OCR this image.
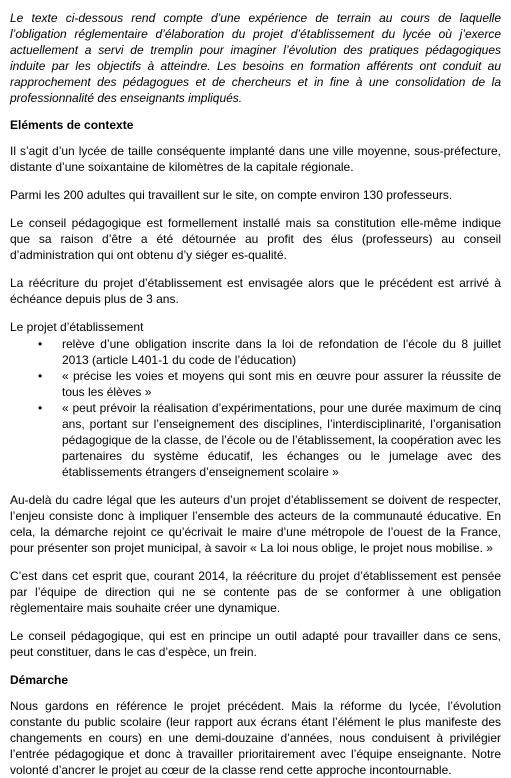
Le texte ci-dessous rend compte d’une expérience de terrain au cours de laquelle l’obligation réglementaire d’élaboration du projet d’établissement du lycée où j’exerce actuellement a servi de tremplin pour imaginer l’évolution des pratiques pédagogiques induite par les objectifs à atteindre. Les besoins en formation afférents ont conduit au rapprochement des pédagogues et de chercheurs et in fine à une consolidation de la professionnalité des enseignants impliqués.

Eléments de contexte

Il s’agit d’un lycée de taille conséquente implanté dans une ville moyenne, sous-préfecture, distante d’une soixantaine de kilomètres de la capitale régionale.

Parmi les 200 adultes qui travaillent sur le site, on compte environ 130 professeurs.

Le conseil pédagogique est formellement installé mais sa constitution elle-même indique que sa raison d’être a été détournée au profit des élus (professeurs) au conseil d’administration qui ont obtenu d’y siéger es-qualité.

La réécriture du projet d’établissement est envisagée alors que le précédent est arrivé à échéance depuis plus de 3 ans.

Le projet d’établissement

• relève d’une obligation inscrite dans la loi de refondation de l’école du 8 juillet 2013 (article L401-1 du code de l’éducation)
• « précise les voies et moyens qui sont mis en œuvre pour assurer la réussite de tous les élèves »
• « peut prévoir la réalisation d’expérimentations, pour une durée maximum de cinq ans, portant sur l’enseignement des disciplines, l’interdisciplinarité, l’organisation pédagogique de la classe, de l’école ou de l’établissement, la coopération avec les partenaires du système éducatif, les échanges ou le jumelage avec des établissements étrangers d’enseignement scolaire »

Au-delà du cadre légal que les auteurs d’un projet d’établissement se doivent de respecter, l’enjeu consiste donc à impliquer l’ensemble des acteurs de la communauté éducative. En cela, la démarche rejoint ce qu’écrivait le maire d’une métropole de l’ouest de la France, pour présenter son projet municipal, à savoir « La loi nous oblige, le projet nous mobilise. »

C’est dans cet esprit que, courant 2014, la réécriture du projet d’établissement est pensée par l’équipe de direction qui ne se contente pas de se conformer à une obligation règlementaire mais souhaite créer une dynamique.

Le conseil pédagogique, qui est en principe un outil adapté pour travailler dans ce sens, peut constituer, dans le cas d’espèce, un frein.

Démarche

Nous gardons en référence le projet précédent. Mais la réforme du lycée, l’évolution constante du public scolaire (leur rapport aux écrans étant l’élément le plus manifeste des changements en cours) en une demi-douzaine d’années, nous conduisent à privilégier l’entrée pédagogique et donc à travailler prioritairement avec l’équipe enseignante. Notre volonté d’ancrer le projet au cœur de la classe rend cette approche incontournable.
